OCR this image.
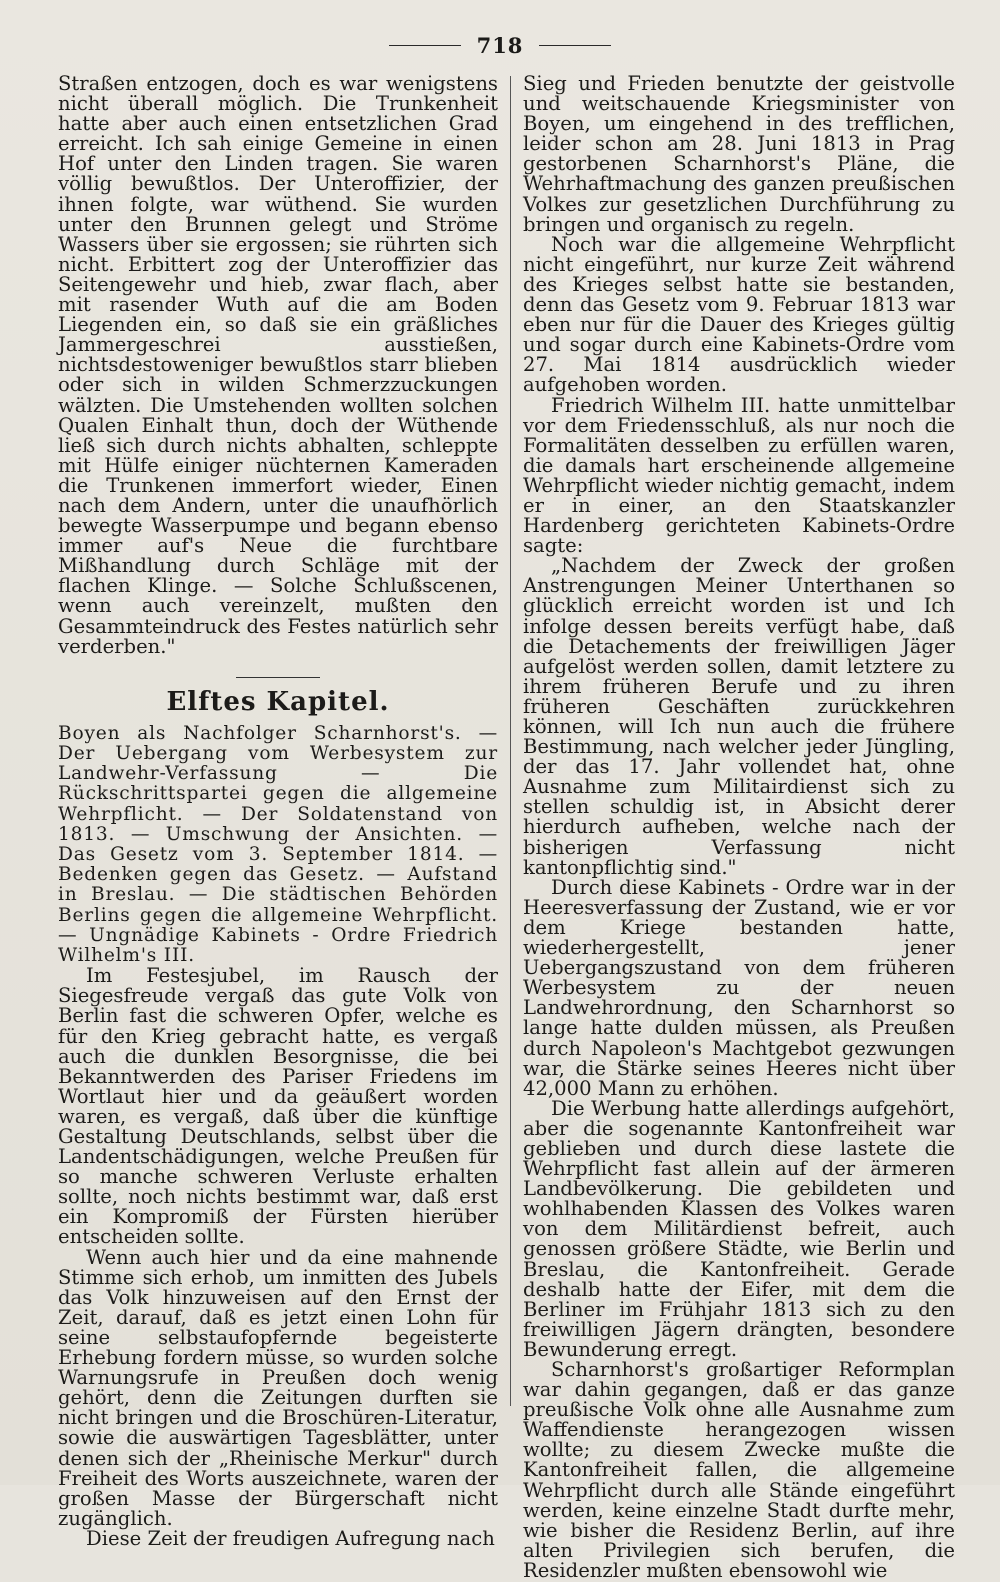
718

Straßen entzogen, doch es war wenigstens nicht überall möglich. Die Trunkenheit hatte aber auch einen entsetzlichen Grad erreicht. Ich sah einige Gemeine in einen Hof unter den Linden tragen. Sie waren völlig bewußtlos. Der Unteroffizier, der ihnen folgte, war wüthend. Sie wurden unter den Brunnen gelegt und Ströme Wassers über sie ergossen; sie rührten sich nicht. Erbittert zog der Unteroffizier das Seitengewehr und hieb, zwar flach, aber mit rasender Wuth auf die am Boden Liegenden ein, so daß sie ein gräßliches Jammergeschrei ausstießen, nichtsdestoweniger bewußtlos starr blieben oder sich in wilden Schmerzzuckungen wälzten. Die Umstehenden wollten solchen Qualen Einhalt thun, doch der Wüthende ließ sich durch nichts abhalten, schleppte mit Hülfe einiger nüchternen Kameraden die Trunkenen immerfort wieder, Einen nach dem Andern, unter die unaufhörlich bewegte Wasserpumpe und begann ebenso immer auf's Neue die furchtbare Mißhandlung durch Schläge mit der flachen Klinge. — Solche Schlußscenen, wenn auch vereinzelt, mußten den Gesammteindruck des Festes natürlich sehr verderben."

Elftes Kapitel.

Boyen als Nachfolger Scharnhorst's. — Der Uebergang vom Werbesystem zur Landwehr-Verfassung — Die Rückschrittspartei gegen die allgemeine Wehrpflicht. — Der Soldatenstand von 1813. — Umschwung der Ansichten. — Das Gesetz vom 3. September 1814. — Bedenken gegen das Gesetz. — Aufstand in Breslau. — Die städtischen Behörden Berlins gegen die allgemeine Wehrpflicht. — Ungnädige Kabinets - Ordre Friedrich Wilhelm's III.

Im Festesjubel, im Rausch der Siegesfreude vergaß das gute Volk von Berlin fast die schweren Opfer, welche es für den Krieg gebracht hatte, es vergaß auch die dunklen Besorgnisse, die bei Bekanntwerden des Pariser Friedens im Wortlaut hier und da geäußert worden waren, es vergaß, daß über die künftige Gestaltung Deutschlands, selbst über die Landentschädigungen, welche Preußen für so manche schweren Verluste erhalten sollte, noch nichts bestimmt war, daß erst ein Kompromiß der Fürsten hierüber entscheiden sollte.

Wenn auch hier und da eine mahnende Stimme sich erhob, um inmitten des Jubels das Volk hinzuweisen auf den Ernst der Zeit, darauf, daß es jetzt einen Lohn für seine selbstaufopfernde begeisterte Erhebung fordern müsse, so wurden solche Warnungsrufe in Preußen doch wenig gehört, denn die Zeitungen durften sie nicht bringen und die Broschüren-Literatur, sowie die auswärtigen Tagesblätter, unter denen sich der „Rheinische Merkur" durch Freiheit des Worts auszeichnete, waren der großen Masse der Bürgerschaft nicht zugänglich.

Diese Zeit der freudigen Aufregung nach

Sieg und Frieden benutzte der geistvolle und weitschauende Kriegsminister von Boyen, um eingehend in des trefflichen, leider schon am 28. Juni 1813 in Prag gestorbenen Scharnhorst's Pläne, die Wehrhaftmachung des ganzen preußischen Volkes zur gesetzlichen Durchführung zu bringen und organisch zu regeln.

Noch war die allgemeine Wehrpflicht nicht eingeführt, nur kurze Zeit während des Krieges selbst hatte sie bestanden, denn das Gesetz vom 9. Februar 1813 war eben nur für die Dauer des Krieges gültig und sogar durch eine Kabinets-Ordre vom 27. Mai 1814 ausdrücklich wieder aufgehoben worden.

Friedrich Wilhelm III. hatte unmittelbar vor dem Friedensschluß, als nur noch die Formalitäten desselben zu erfüllen waren, die damals hart erscheinende allgemeine Wehrpflicht wieder nichtig gemacht, indem er in einer, an den Staatskanzler Hardenberg gerichteten Kabinets-Ordre sagte:

„Nachdem der Zweck der großen Anstrengungen Meiner Unterthanen so glücklich erreicht worden ist und Ich infolge dessen bereits verfügt habe, daß die Detachements der freiwilligen Jäger aufgelöst werden sollen, damit letztere zu ihrem früheren Berufe und zu ihren früheren Geschäften zurückkehren können, will Ich nun auch die frühere Bestimmung, nach welcher jeder Jüngling, der das 17. Jahr vollendet hat, ohne Ausnahme zum Militairdienst sich zu stellen schuldig ist, in Absicht derer hierdurch aufheben, welche nach der bisherigen Verfassung nicht kantonpflichtig sind."

Durch diese Kabinets - Ordre war in der Heeresverfassung der Zustand, wie er vor dem Kriege bestanden hatte, wiederhergestellt, jener Uebergangszustand von dem früheren Werbesystem zu der neuen Landwehrordnung, den Scharnhorst so lange hatte dulden müssen, als Preußen durch Napoleon's Machtgebot gezwungen war, die Stärke seines Heeres nicht über 42,000 Mann zu erhöhen.

Die Werbung hatte allerdings aufgehört, aber die sogenannte Kantonfreiheit war geblieben und durch diese lastete die Wehrpflicht fast allein auf der ärmeren Landbevölkerung. Die gebildeten und wohlhabenden Klassen des Volkes waren von dem Militärdienst befreit, auch genossen größere Städte, wie Berlin und Breslau, die Kantonfreiheit. Gerade deshalb hatte der Eifer, mit dem die Berliner im Frühjahr 1813 sich zu den freiwilligen Jägern drängten, besondere Bewunderung erregt.

Scharnhorst's großartiger Reformplan war dahin gegangen, daß er das ganze preußische Volk ohne alle Ausnahme zum Waffendienste herangezogen wissen wollte; zu diesem Zwecke mußte die Kantonfreiheit fallen, die allgemeine Wehrpflicht durch alle Stände eingeführt werden, keine einzelne Stadt durfte mehr, wie bisher die Residenz Berlin, auf ihre alten Privilegien sich berufen, die Residenzler mußten ebensowohl wie
